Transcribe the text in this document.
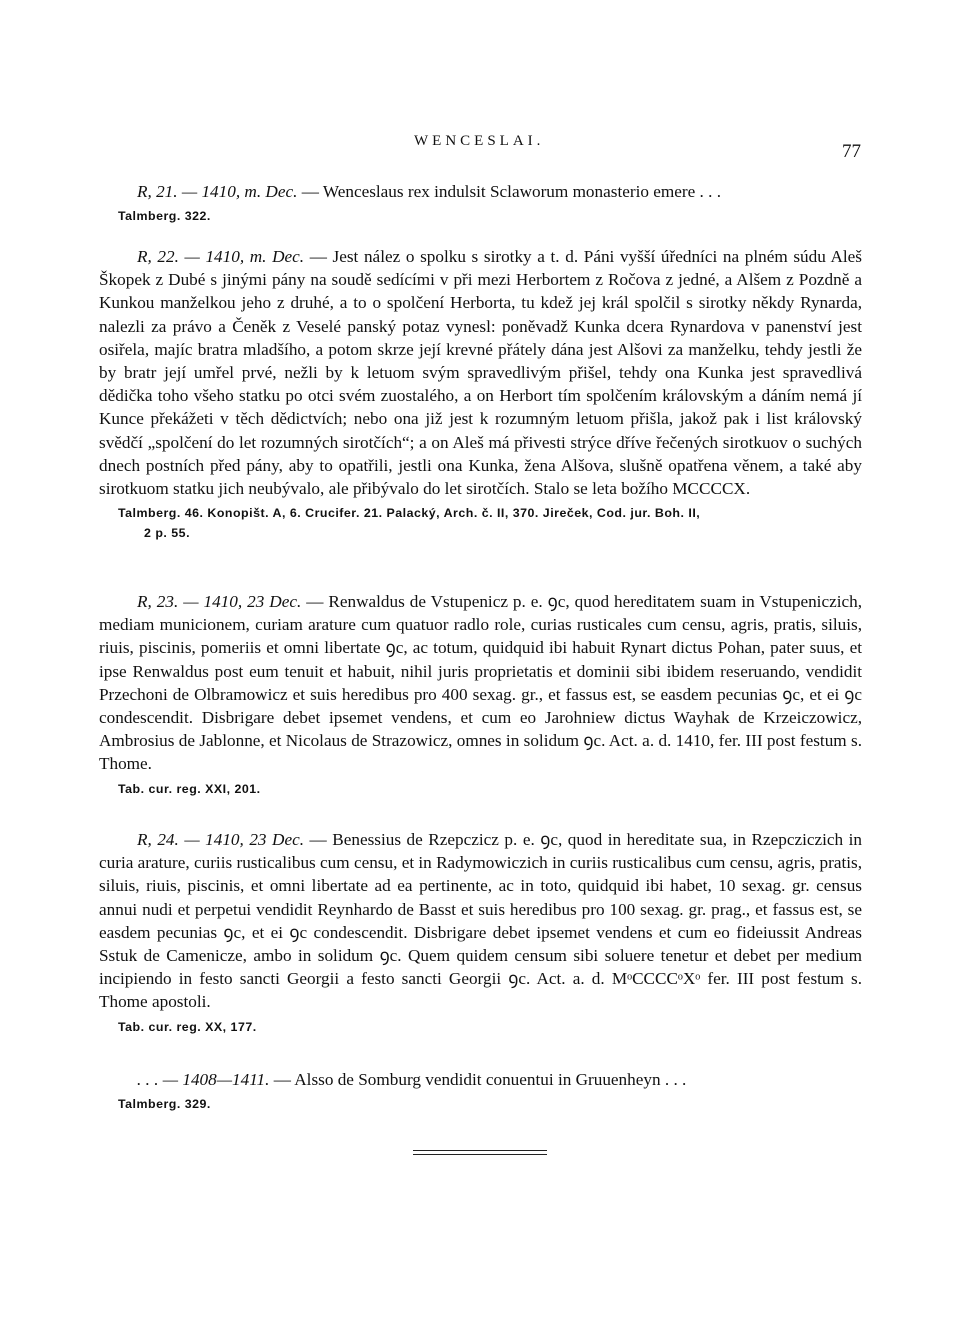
WENCESLAI.	77
R, 21. — 1410, m. Dec. — Wenceslaus rex indulsit Sclaworum monasterio emere . . .
Talmberg. 322.
R, 22. — 1410, m. Dec. — Jest nález o spolku s sirotky a t. d. Páni vyšší úředníci na plném súdu Aleš Škopek z Dubé s jinými pány na soudě sedícími v při mezi Herbortem z Ročova z jedné, a Alšem z Pozdně a Kunkou manželkou jeho z druhé, a to o spolčení Herborta, tu kdež jej král spolčil s sirotky někdy Rynarda, nalezli za právo a Čeněk z Veselé panský potaz vynesl: poněvadž Kunka dcera Rynardova v panenství jest osiřela, majíc bratra mladšího, a potom skrze její krevné přátely dána jest Alšovi za manželku, tehdy jestli že by bratr její umřel prvé, nežli by k letuom svým spravedlivým přišel, tehdy ona Kunka jest spravedlivá dědička toho všeho statku po otci svém zuostalého, a on Herbort tím spolčením královským a dáním nemá jí Kunce překážeti v těch dědictvích; nebo ona již jest k rozumným letuom přišla, jakož pak i list královský svědčí „spolčení do let rozumných sirotčích“; a on Aleš má přivesti strýce dříve řečených sirotkuov o suchých dnech postních před pány, aby to opatřili, jestli ona Kunka, žena Alšova, slušně opatřena věnem, a také aby sirotkuom statku jich neubývalo, ale přibývalo do let sirotčích. Stalo se leta božího MCCCCX.
Talmberg. 46. Konopišt. A, 6. Crucifer. 21. Palacký, Arch. č. II, 370. Jireček, Cod. jur. Boh. II,
2 p. 55.
R, 23. — 1410, 23 Dec. — Renwaldus de Vstupenicz p. e. ꝯc, quod hereditatem suam in Vstupeniczich, mediam municionem, curiam arature cum quatuor radlo role, curias rusticales cum censu, agris, pratis, siluis, riuis, piscinis, pomeriis et omni libertate ꝯc, ac totum, quidquid ibi habuit Rynart dictus Pohan, pater suus, et ipse Renwaldus post eum tenuit et habuit, nihil juris proprietatis et dominii sibi ibidem reseruando, vendidit Przechoni de Olbramowicz et suis heredibus pro 400 sexag. gr., et fassus est, se easdem pecunias ꝯc, et ei ꝯc condescendit. Disbrigare debet ipsemet vendens, et cum eo Jarohniew dictus Wayhak de Krzeiczowicz, Ambrosius de Jablonne, et Nicolaus de Strazowicz, omnes in solidum ꝯc. Act. a. d. 1410, fer. III post festum s. Thome.
Tab. cur. reg. XXI, 201.
R, 24. — 1410, 23 Dec. — Benessius de Rzepczicz p. e. ꝯc, quod in hereditate sua, in Rzepcziczich in curia arature, curiis rusticalibus cum censu, et in Radymowiczich in curiis rusticalibus cum censu, agris, pratis, siluis, riuis, piscinis, et omni libertate ad ea pertinente, ac in toto, quidquid ibi habet, 10 sexag. gr. census annui nudi et perpetui vendidit Reynhardo de Basst et suis heredibus pro 100 sexag. gr. prag., et fassus est, se easdem pecunias ꝯc, et ei ꝯc condescendit. Disbrigare debet ipsemet vendens et cum eo fideiussit Andreas Sstuk de Camenicze, ambo in solidum ꝯc. Quem quidem censum sibi soluere tenetur et debet per medium incipiendo in festo sancti Georgii a festo sancti Georgii ꝯc. Act. a. d. MᵒCCCCᵒXᵒ fer. III post festum s. Thome apostoli.
Tab. cur. reg. XX, 177.
. . . — 1408—1411. — Alsso de Somburg vendidit conuentui in Gruuenheyn . . .
Talmberg. 329.
